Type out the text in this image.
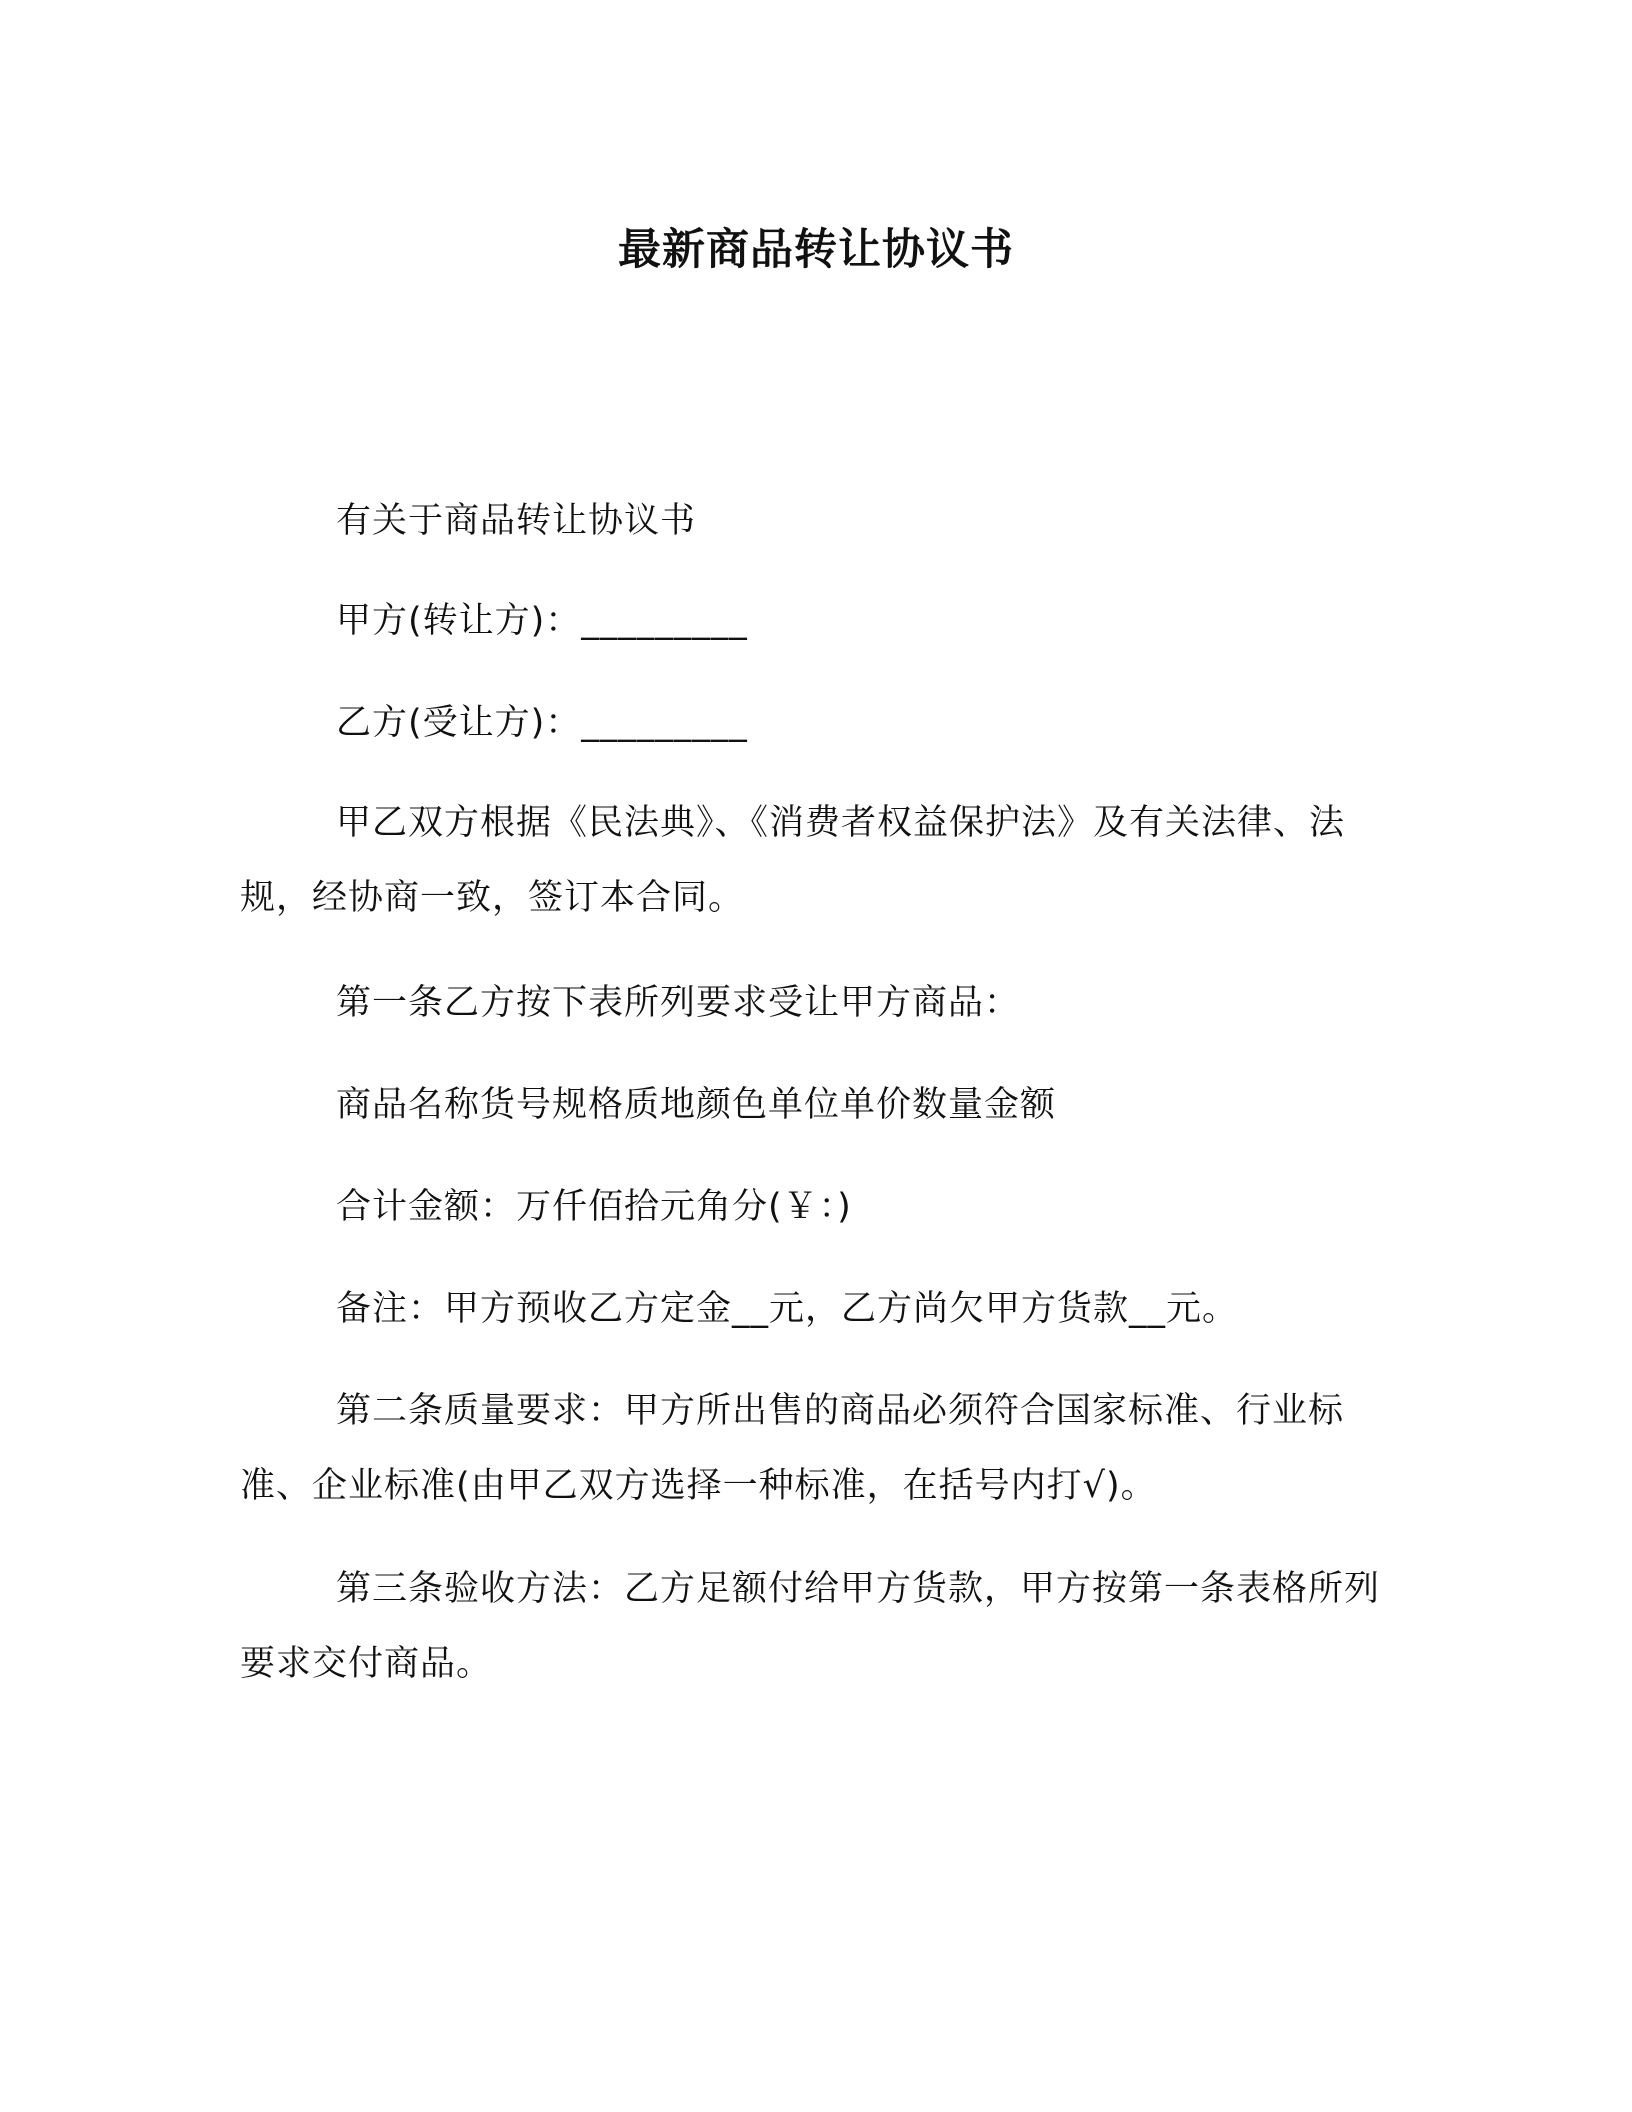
最新商品转让协议书
有关于商品转让协议书
甲方(转让方)：_________
乙方(受让方)：_________
甲乙双方根据《民法典》、《消费者权益保护法》及有关法律、法规，经协商一致，签订本合同。
第一条乙方按下表所列要求受让甲方商品：
商品名称货号规格质地颜色单位单价数量金额
合计金额：万仟佰拾元角分(￥：)
备注：甲方预收乙方定金__元，乙方尚欠甲方货款__元。
第二条质量要求：甲方所出售的商品必须符合国家标准、行业标准、企业标准(由甲乙双方选择一种标准，在括号内打√)。
第三条验收方法：乙方足额付给甲方货款，甲方按第一条表格所列要求交付商品。
